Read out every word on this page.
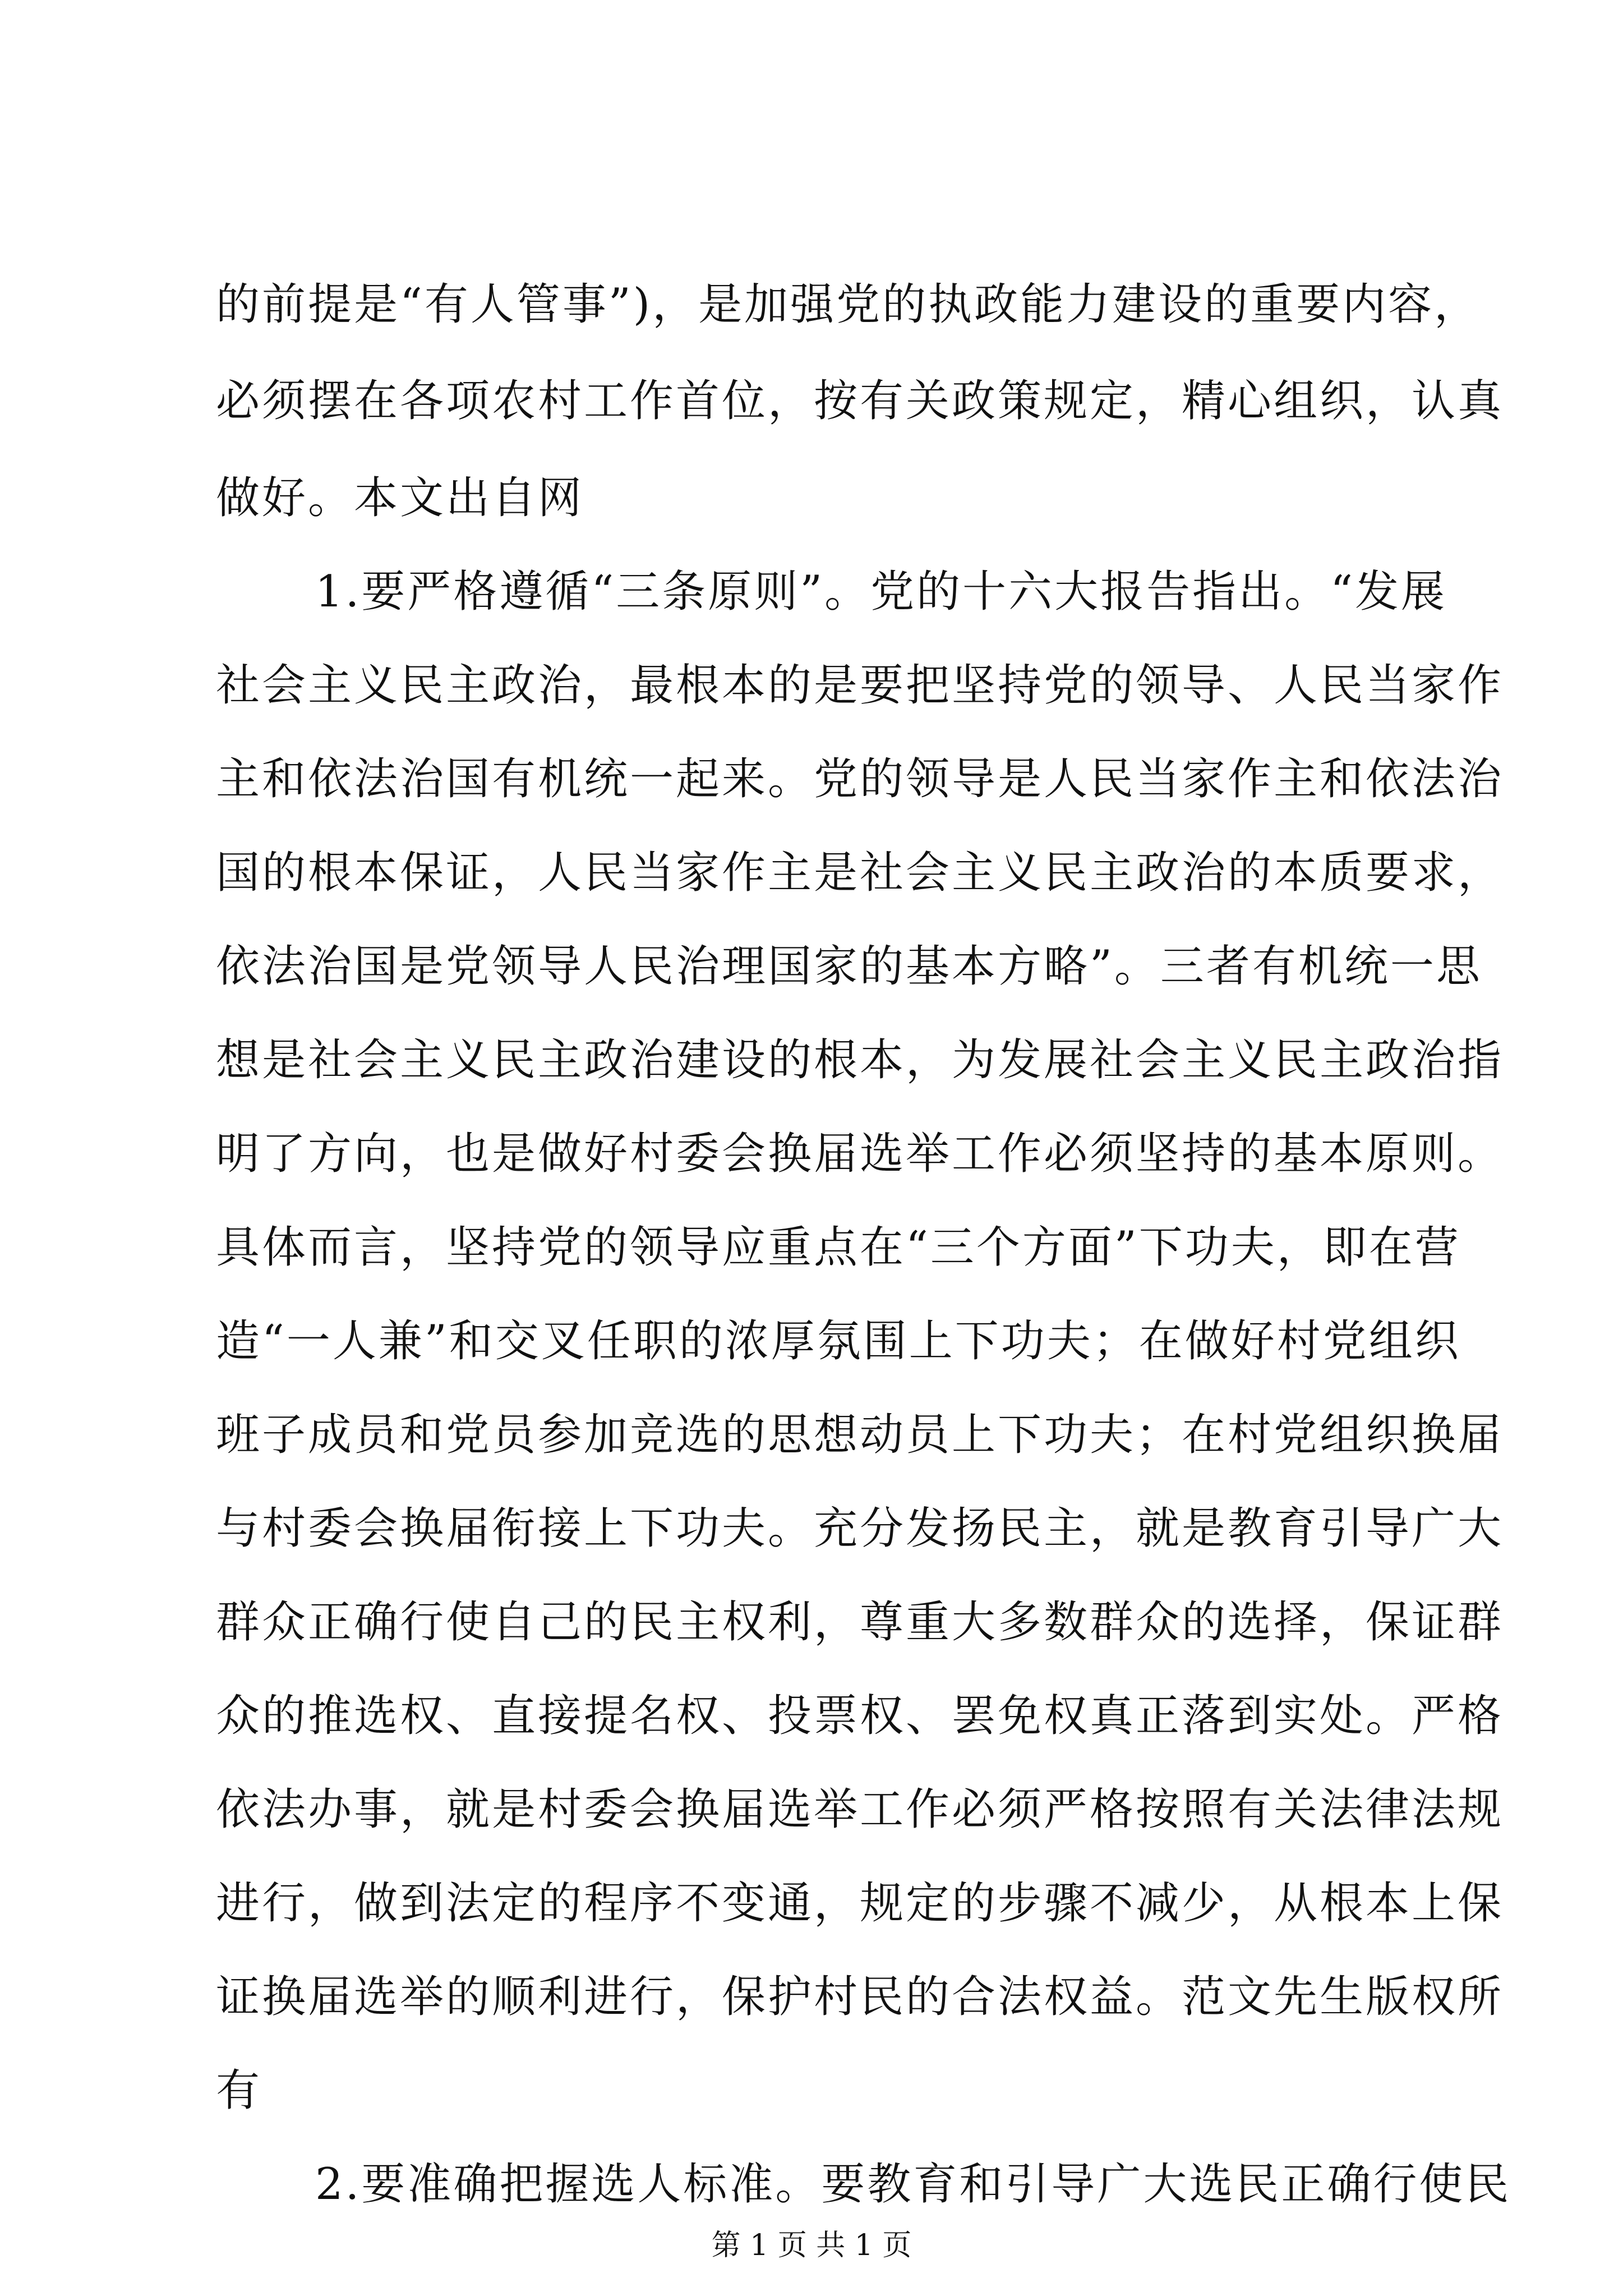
的前提是“有人管事”)，是加强党的执政能力建设的重要内容，
必须摆在各项农村工作首位，按有关政策规定，精心组织，认真
做好。本文出自网
1.要严格遵循“三条原则”。党的十六大报告指出。“发展
社会主义民主政治，最根本的是要把坚持党的领导、人民当家作
主和依法治国有机统一起来。党的领导是人民当家作主和依法治
国的根本保证，人民当家作主是社会主义民主政治的本质要求，
依法治国是党领导人民治理国家的基本方略”。三者有机统一思
想是社会主义民主政治建设的根本，为发展社会主义民主政治指
明了方向，也是做好村委会换届选举工作必须坚持的基本原则。
具体而言，坚持党的领导应重点在“三个方面”下功夫，即在营
造“一人兼”和交叉任职的浓厚氛围上下功夫；在做好村党组织
班子成员和党员参加竞选的思想动员上下功夫；在村党组织换届
与村委会换届衔接上下功夫。充分发扬民主，就是教育引导广大
群众正确行使自己的民主权利，尊重大多数群众的选择，保证群
众的推选权、直接提名权、投票权、罢免权真正落到实处。严格
依法办事，就是村委会换届选举工作必须严格按照有关法律法规
进行，做到法定的程序不变通，规定的步骤不减少，从根本上保
证换届选举的顺利进行，保护村民的合法权益。范文先生版权所
有
2.要准确把握选人标准。要教育和引导广大选民正确行使民
第 1 页 共 1 页
